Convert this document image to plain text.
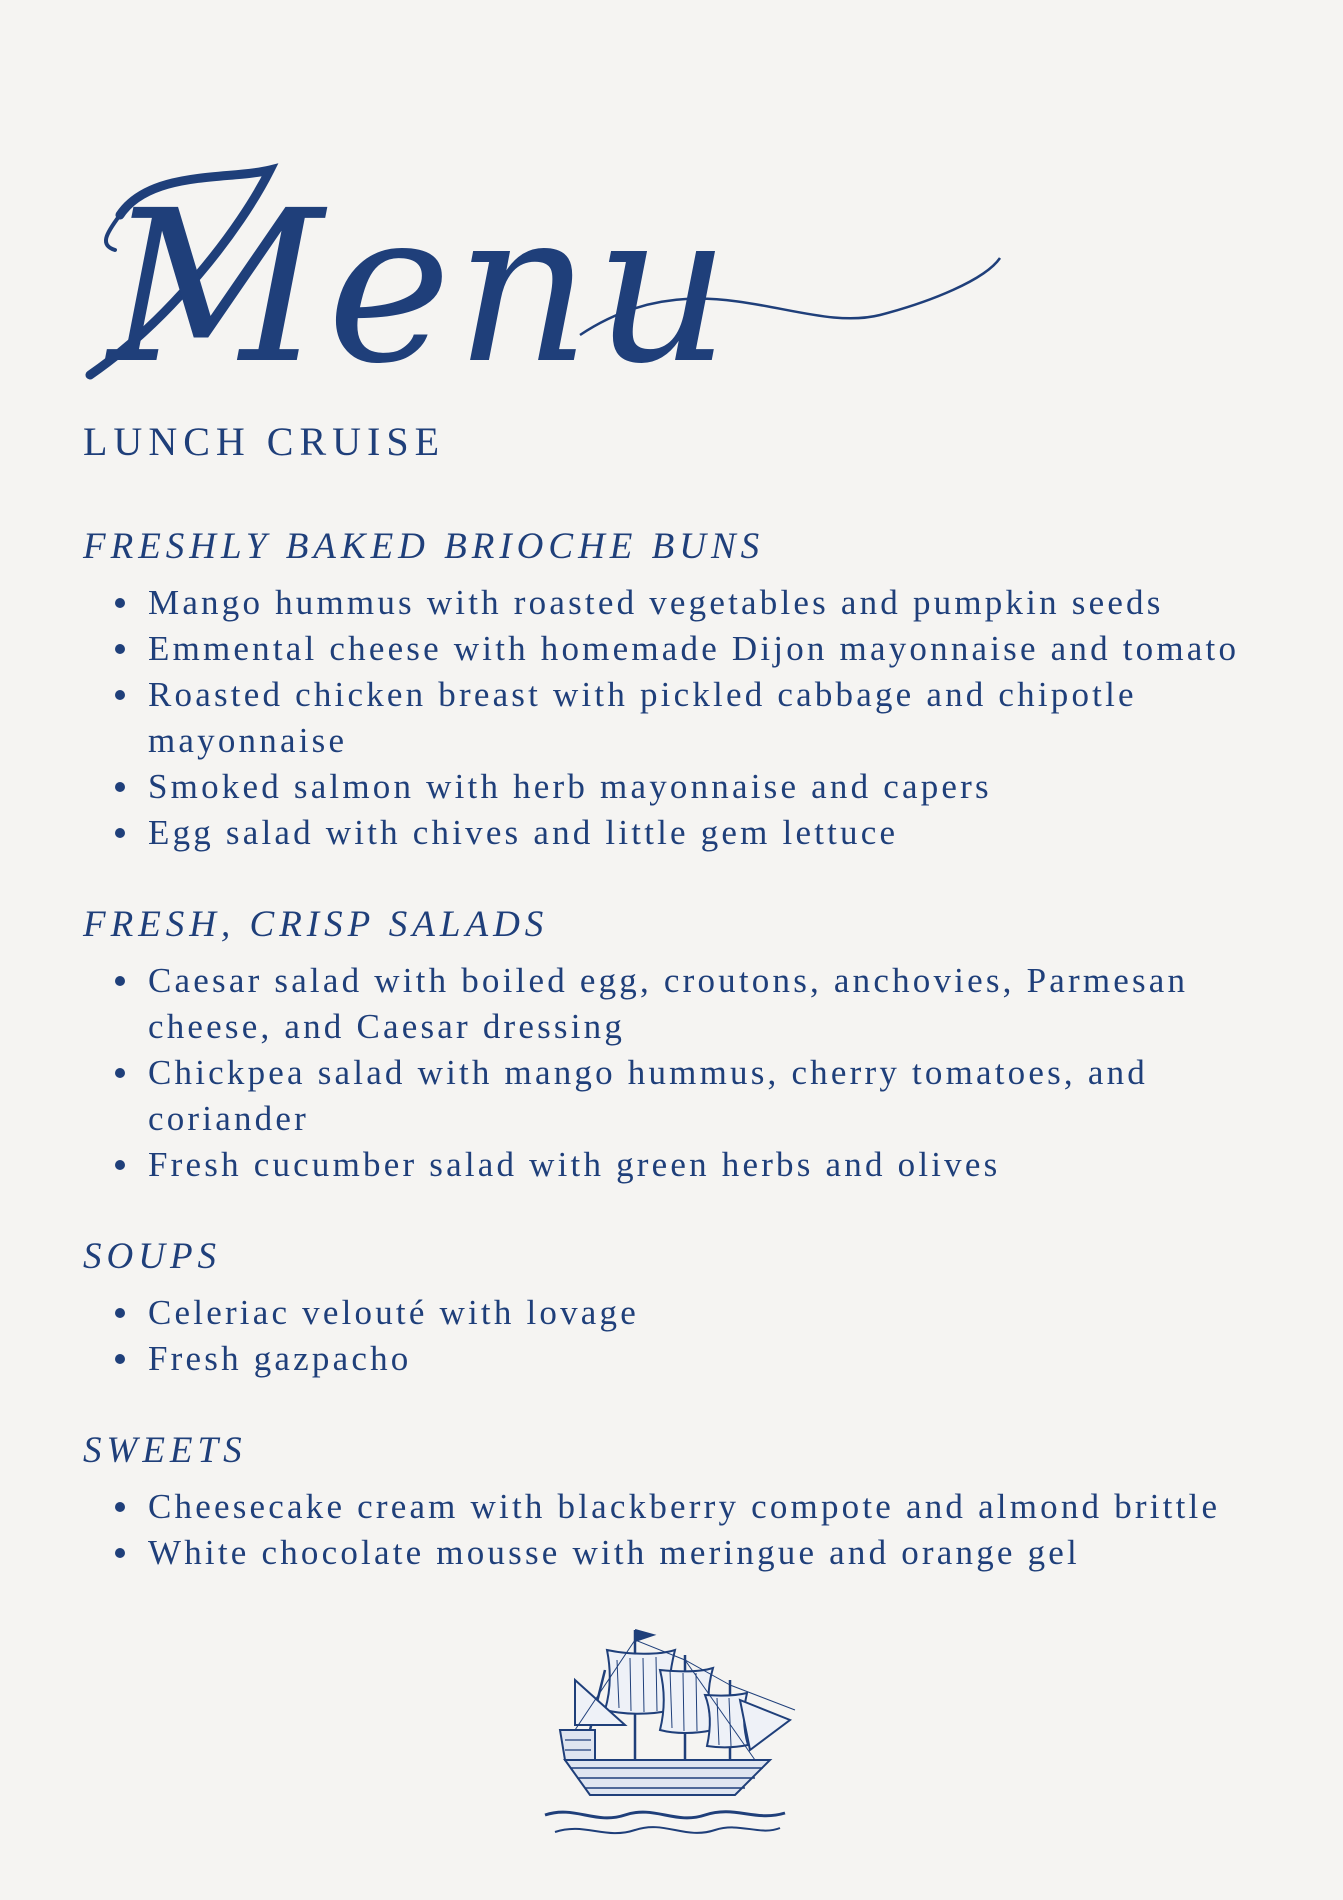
Menu
LUNCH CRUISE
FRESHLY BAKED BRIOCHE BUNS
Mango hummus with roasted vegetables and pumpkin seeds
Emmental cheese with homemade Dijon mayonnaise and tomato
Roasted chicken breast with pickled cabbage and chipotle mayonnaise
Smoked salmon with herb mayonnaise and capers
Egg salad with chives and little gem lettuce
FRESH, CRISP SALADS
Caesar salad with boiled egg, croutons, anchovies, Parmesan cheese, and Caesar dressing
Chickpea salad with mango hummus, cherry tomatoes, and coriander
Fresh cucumber salad with green herbs and olives
SOUPS
Celeriac velouté with lovage
Fresh gazpacho
SWEETS
Cheesecake cream with blackberry compote and almond brittle
White chocolate mousse with meringue and orange gel
